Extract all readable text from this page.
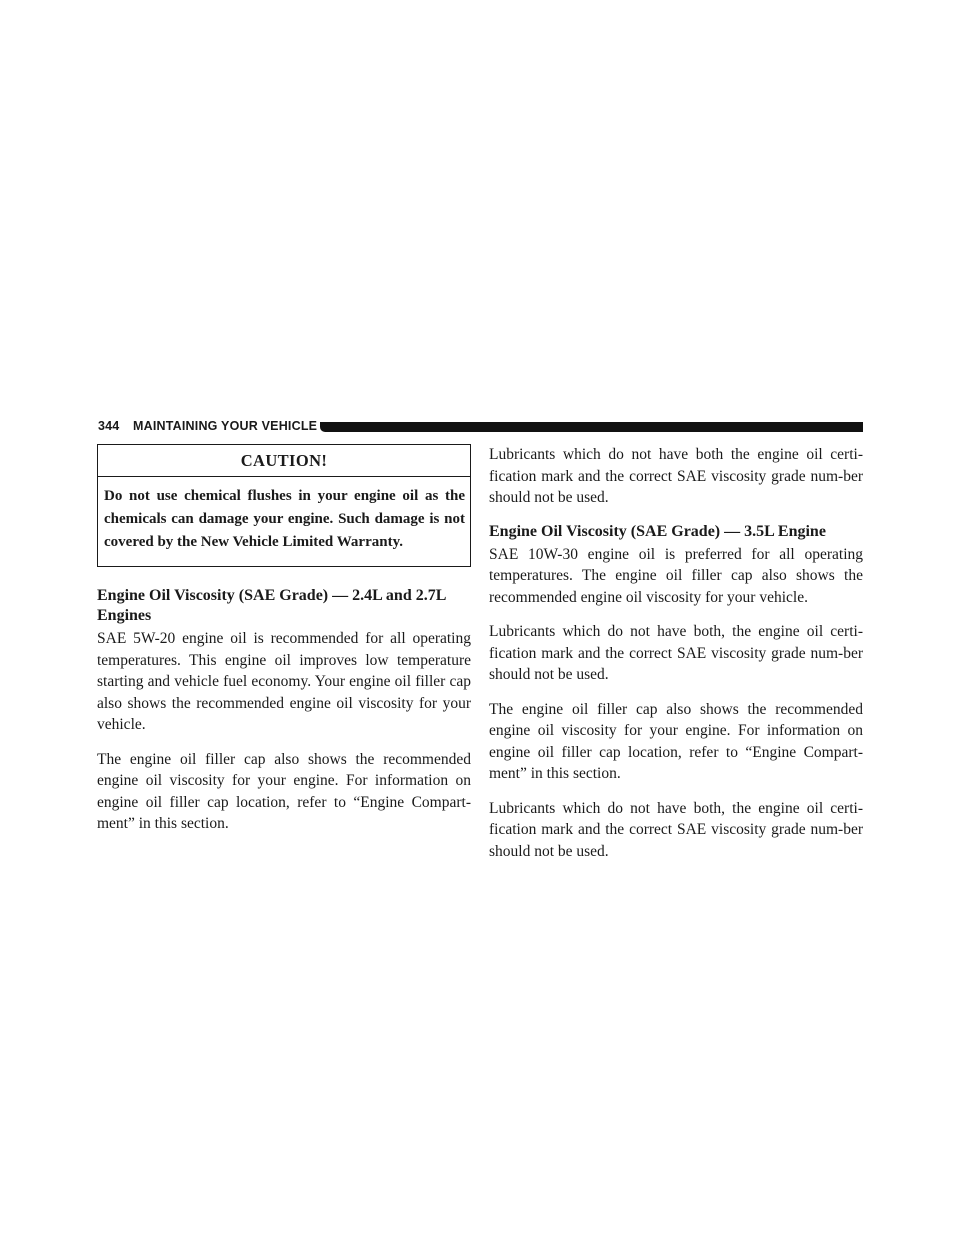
344 MAINTAINING YOUR VEHICLE
CAUTION!
Do not use chemical flushes in your engine oil as the chemicals can damage your engine. Such damage is not covered by the New Vehicle Limited Warranty.

Engine Oil Viscosity (SAE Grade) — 2.4L and 2.7L Engines

SAE 5W-20 engine oil is recommended for all operating temperatures. This engine oil improves low temperature starting and vehicle fuel economy. Your engine oil filler cap also shows the recommended engine oil viscosity for your vehicle.

The engine oil filler cap also shows the recommended engine oil viscosity for your engine. For information on engine oil filler cap location, refer to “Engine Compart-ment” in this section.

Lubricants which do not have both the engine oil certi-fication mark and the correct SAE viscosity grade num-ber should not be used.

Engine Oil Viscosity (SAE Grade) — 3.5L Engine

SAE 10W-30 engine oil is preferred for all operating temperatures. The engine oil filler cap also shows the recommended engine oil viscosity for your vehicle.

Lubricants which do not have both, the engine oil certi-fication mark and the correct SAE viscosity grade num-ber should not be used.

The engine oil filler cap also shows the recommended engine oil viscosity for your engine. For information on engine oil filler cap location, refer to “Engine Compart-ment” in this section.

Lubricants which do not have both, the engine oil certi-fication mark and the correct SAE viscosity grade num-ber should not be used.
